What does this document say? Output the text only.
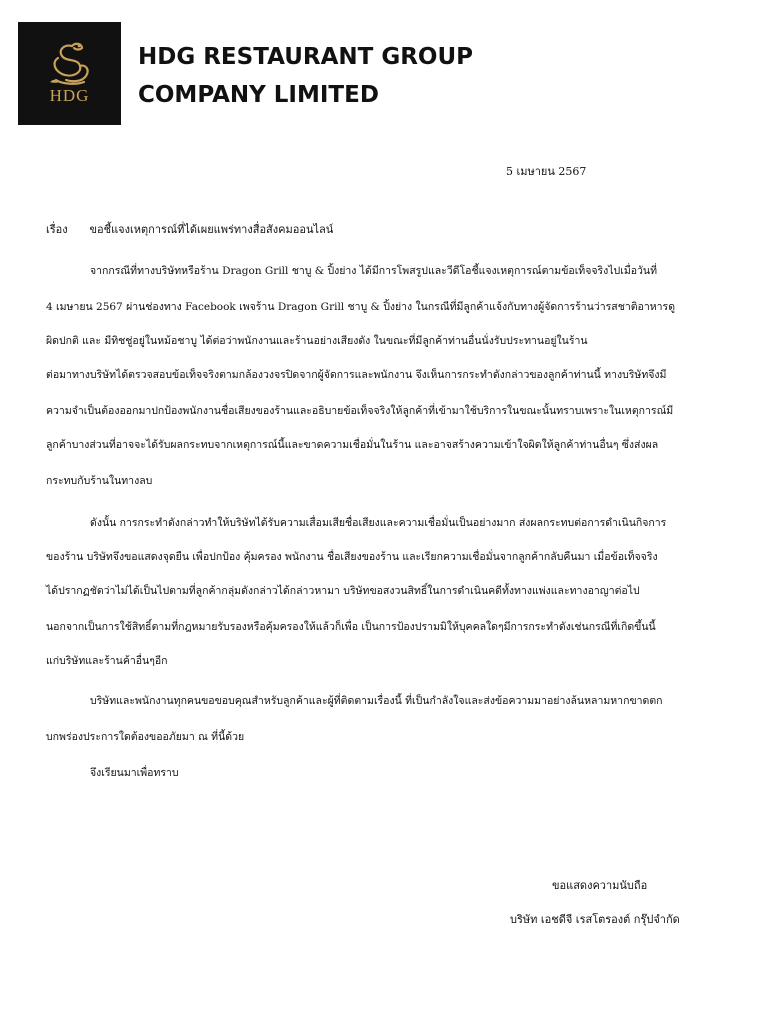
HDG
HDG RESTAURANT GROUP
COMPANY LIMITED
5 เมษายน 2567
เรื่อง ขอชี้แจงเหตุการณ์ที่ได้เผยแพร่ทางสื่อสังคมออนไลน์
จากกรณีที่ทางบริษัทหรือร้าน Dragon Grill ชาบู & ปิ้งย่าง ได้มีการโพสรูปและวีดีโอชี้แจงเหตุการณ์ตามข้อเท็จจริงไปเมื่อวันที่
4 เมษายน 2567 ผ่านช่องทาง Facebook เพจร้าน Dragon Grill ชาบู & ปิ้งย่าง ในกรณีที่มีลูกค้าแจ้งกับทางผู้จัดการร้านว่ารสชาติอาหารดู
ผิดปกติ และ มีทิชชู่อยู่ในหม้อชาบู ได้ต่อว่าพนักงานและร้านอย่างเสียงดัง ในขณะที่มีลูกค้าท่านอื่นนั่งรับประทานอยู่ในร้าน
ต่อมาทางบริษัทได้ตรวจสอบข้อเท็จจริงตามกล้องวงจรปิดจากผู้จัดการและพนักงาน จึงเห็นการกระทำดังกล่าวของลูกค้าท่านนี้ ทางบริษัทจึงมี
ความจำเป็นต้องออกมาปกป้องพนักงานชื่อเสียงของร้านและอธิบายข้อเท็จจริงให้ลูกค้าที่เข้ามาใช้บริการในขณะนั้นทราบเพราะในเหตุการณ์มี
ลูกค้าบางส่วนที่อาจจะได้รับผลกระทบจากเหตุการณ์นี้และขาดความเชื่อมั่นในร้าน และอาจสร้างความเข้าใจผิดให้ลูกค้าท่านอื่นๆ ซึ่งส่งผล
กระทบกับร้านในทางลบ
ดังนั้น การกระทำดังกล่าวทำให้บริษัทได้รับความเสื่อมเสียชื่อเสียงและความเชื่อมั่นเป็นอย่างมาก ส่งผลกระทบต่อการดำเนินกิจการ
ของร้าน บริษัทจึงขอแสดงจุดยืน เพื่อปกป้อง คุ้มครอง พนักงาน ชื่อเสียงของร้าน และเรียกความเชื่อมั่นจากลูกค้ากลับคืนมา เมื่อข้อเท็จจริง
ได้ปรากฏชัดว่าไม่ได้เป็นไปตามที่ลูกค้ากลุ่มดังกล่าวได้กล่าวหามา บริษัทขอสงวนสิทธิ์ในการดำเนินคดีทั้งทางแพ่งและทางอาญาต่อไป
นอกจากเป็นการใช้สิทธิ์ตามที่กฎหมายรับรองหรือคุ้มครองให้แล้วก็เพื่อ เป็นการป้องปรามมิให้บุคคลใดๆมีการกระทำดังเช่นกรณีที่เกิดขึ้นนี้
แก่บริษัทและร้านค้าอื่นๆอีก
บริษัทและพนักงานทุกคนขอขอบคุณสำหรับลูกค้าและผู้ที่ติดตามเรื่องนี้ ที่เป็นกำลังใจและส่งข้อความมาอย่างล้นหลามหากขาดตก
บกพร่องประการใดต้องขออภัยมา ณ ที่นี้ด้วย
จึงเรียนมาเพื่อทราบ
ขอแสดงความนับถือ
บริษัท เอชดีจี เรสโตรองต์ กรุ๊ปจำกัด
